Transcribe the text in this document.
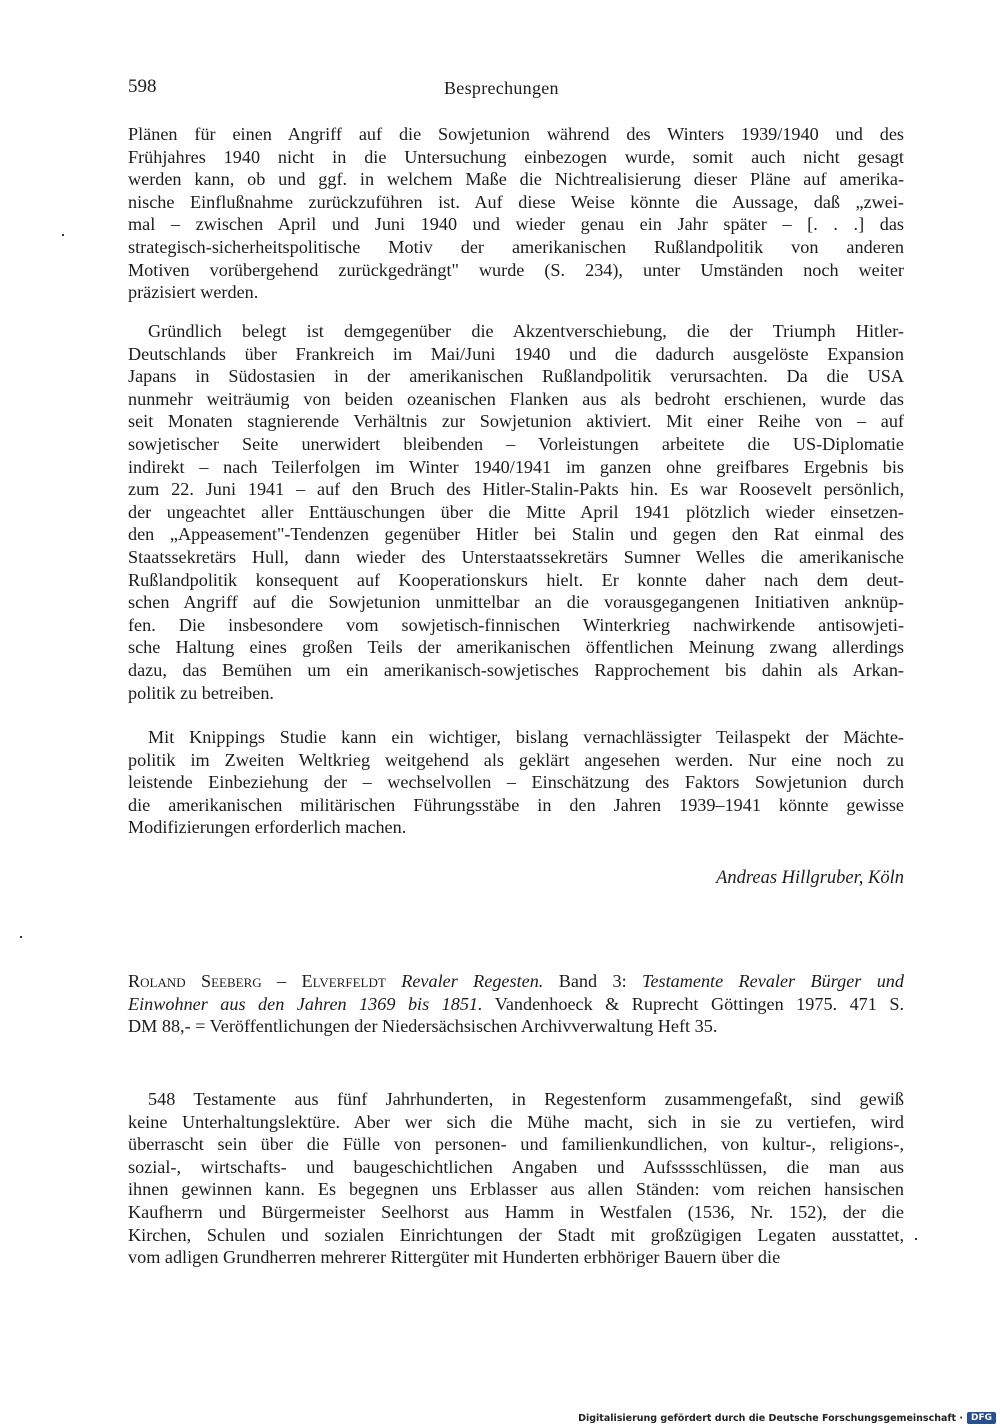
598	Besprechungen
Plänen für einen Angriff auf die Sowjetunion während des Winters 1939/1940 und des
Frühjahres 1940 nicht in die Untersuchung einbezogen wurde, somit auch nicht gesagt
werden kann, ob und ggf. in welchem Maße die Nichtrealisierung dieser Pläne auf amerika-
nische Einflußnahme zurückzuführen ist. Auf diese Weise könnte die Aussage, daß „zwei-
mal – zwischen April und Juni 1940 und wieder genau ein Jahr später – [. . .] das
strategisch-sicherheitspolitische Motiv der amerikanischen Rußlandpolitik von anderen
Motiven vorübergehend zurückgedrängt" wurde (S. 234), unter Umständen noch weiter
präzisiert werden.
Gründlich belegt ist demgegenüber die Akzentverschiebung, die der Triumph Hitler-
Deutschlands über Frankreich im Mai/Juni 1940 und die dadurch ausgelöste Expansion
Japans in Südostasien in der amerikanischen Rußlandpolitik verursachten. Da die USA
nunmehr weiträumig von beiden ozeanischen Flanken aus als bedroht erschienen, wurde das
seit Monaten stagnierende Verhältnis zur Sowjetunion aktiviert. Mit einer Reihe von – auf
sowjetischer Seite unerwidert bleibenden – Vorleistungen arbeitete die US-Diplomatie
indirekt – nach Teilerfolgen im Winter 1940/1941 im ganzen ohne greifbares Ergebnis bis
zum 22. Juni 1941 – auf den Bruch des Hitler-Stalin-Pakts hin. Es war Roosevelt persönlich,
der ungeachtet aller Enttäuschungen über die Mitte April 1941 plötzlich wieder einsetzen-
den „Appeasement"-Tendenzen gegenüber Hitler bei Stalin und gegen den Rat einmal des
Staatssekretärs Hull, dann wieder des Unterstaatssekretärs Sumner Welles die amerikanische
Rußlandpolitik konsequent auf Kooperationskurs hielt. Er konnte daher nach dem deut-
schen Angriff auf die Sowjetunion unmittelbar an die vorausgegangenen Initiativen anknüp-
fen. Die insbesondere vom sowjetisch-finnischen Winterkrieg nachwirkende antisowjeti-
sche Haltung eines großen Teils der amerikanischen öffentlichen Meinung zwang allerdings
dazu, das Bemühen um ein amerikanisch-sowjetisches Rapprochement bis dahin als Arkan-
politik zu betreiben.
Mit Knippings Studie kann ein wichtiger, bislang vernachlässigter Teilaspekt der Mächte-
politik im Zweiten Weltkrieg weitgehend als geklärt angesehen werden. Nur eine noch zu
leistende Einbeziehung der – wechselvollen – Einschätzung des Faktors Sowjetunion durch
die amerikanischen militärischen Führungsstäbe in den Jahren 1939–1941 könnte gewisse
Modifizierungen erforderlich machen.
Andreas Hillgruber, Köln
Roland Seeberg – Elverfeldt Revaler Regesten. Band 3: Testamente Revaler Bürger und
Einwohner aus den Jahren 1369 bis 1851. Vandenhoeck & Ruprecht Göttingen 1975. 471 S.
DM 88,- = Veröffentlichungen der Niedersächsischen Archivverwaltung Heft 35.
548 Testamente aus fünf Jahrhunderten, in Regestenform zusammengefaßt, sind gewiß
keine Unterhaltungslektüre. Aber wer sich die Mühe macht, sich in sie zu vertiefen, wird
überrascht sein über die Fülle von personen- und familienkundlichen, von kultur-, religions-,
sozial-, wirtschafts- und baugeschichtlichen Angaben und Aufsssschlüssen, die man aus
ihnen gewinnen kann. Es begegnen uns Erblasser aus allen Ständen: vom reichen hansischen
Kaufherrn und Bürgermeister Seelhorst aus Hamm in Westfalen (1536, Nr. 152), der die
Kirchen, Schulen und sozialen Einrichtungen der Stadt mit großzügigen Legaten ausstattet,
vom adligen Grundherren mehrerer Rittergüter mit Hunderten erbhöriger Bauern über die
Digitalisierung gefördert durch die Deutsche Forschungsgemeinschaft · DFG
